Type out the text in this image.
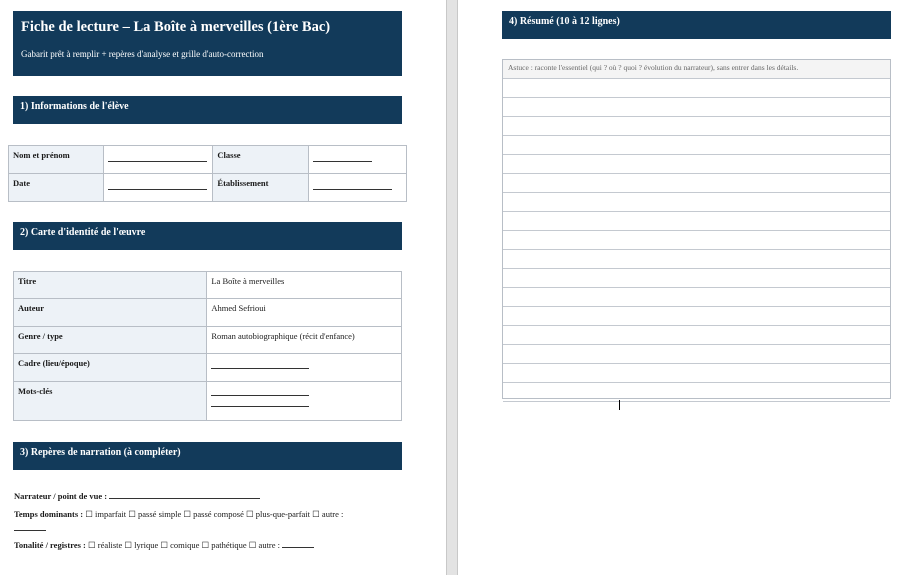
Fiche de lecture – La Boîte à merveilles (1ère Bac)
Gabarit prêt à remplir + repères d'analyse et grille d'auto-correction
1) Informations de l'élève
Nom et prénom		Classe	

Date		Établissement	
2) Carte d'identité de l'œuvre
Titre	La Boîte à merveilles
Auteur	Ahmed Sefrioui
Genre / type	Roman autobiographique (récit d'enfance)
Cadre (lieu/époque)	

Mots-clés	
3) Repères de narration (à compléter)
Narrateur / point de vue :
Temps dominants : ☐ imparfait ☐ passé simple ☐ passé composé ☐ plus-que-parfait ☐ autre :
Tonalité / registres : ☐ réaliste ☐ lyrique ☐ comique ☐ pathétique ☐ autre :
4) Résumé (10 à 12 lignes)
Astuce : raconte l'essentiel (qui ? où ? quoi ? évolution du narrateur), sans entrer dans les détails.
